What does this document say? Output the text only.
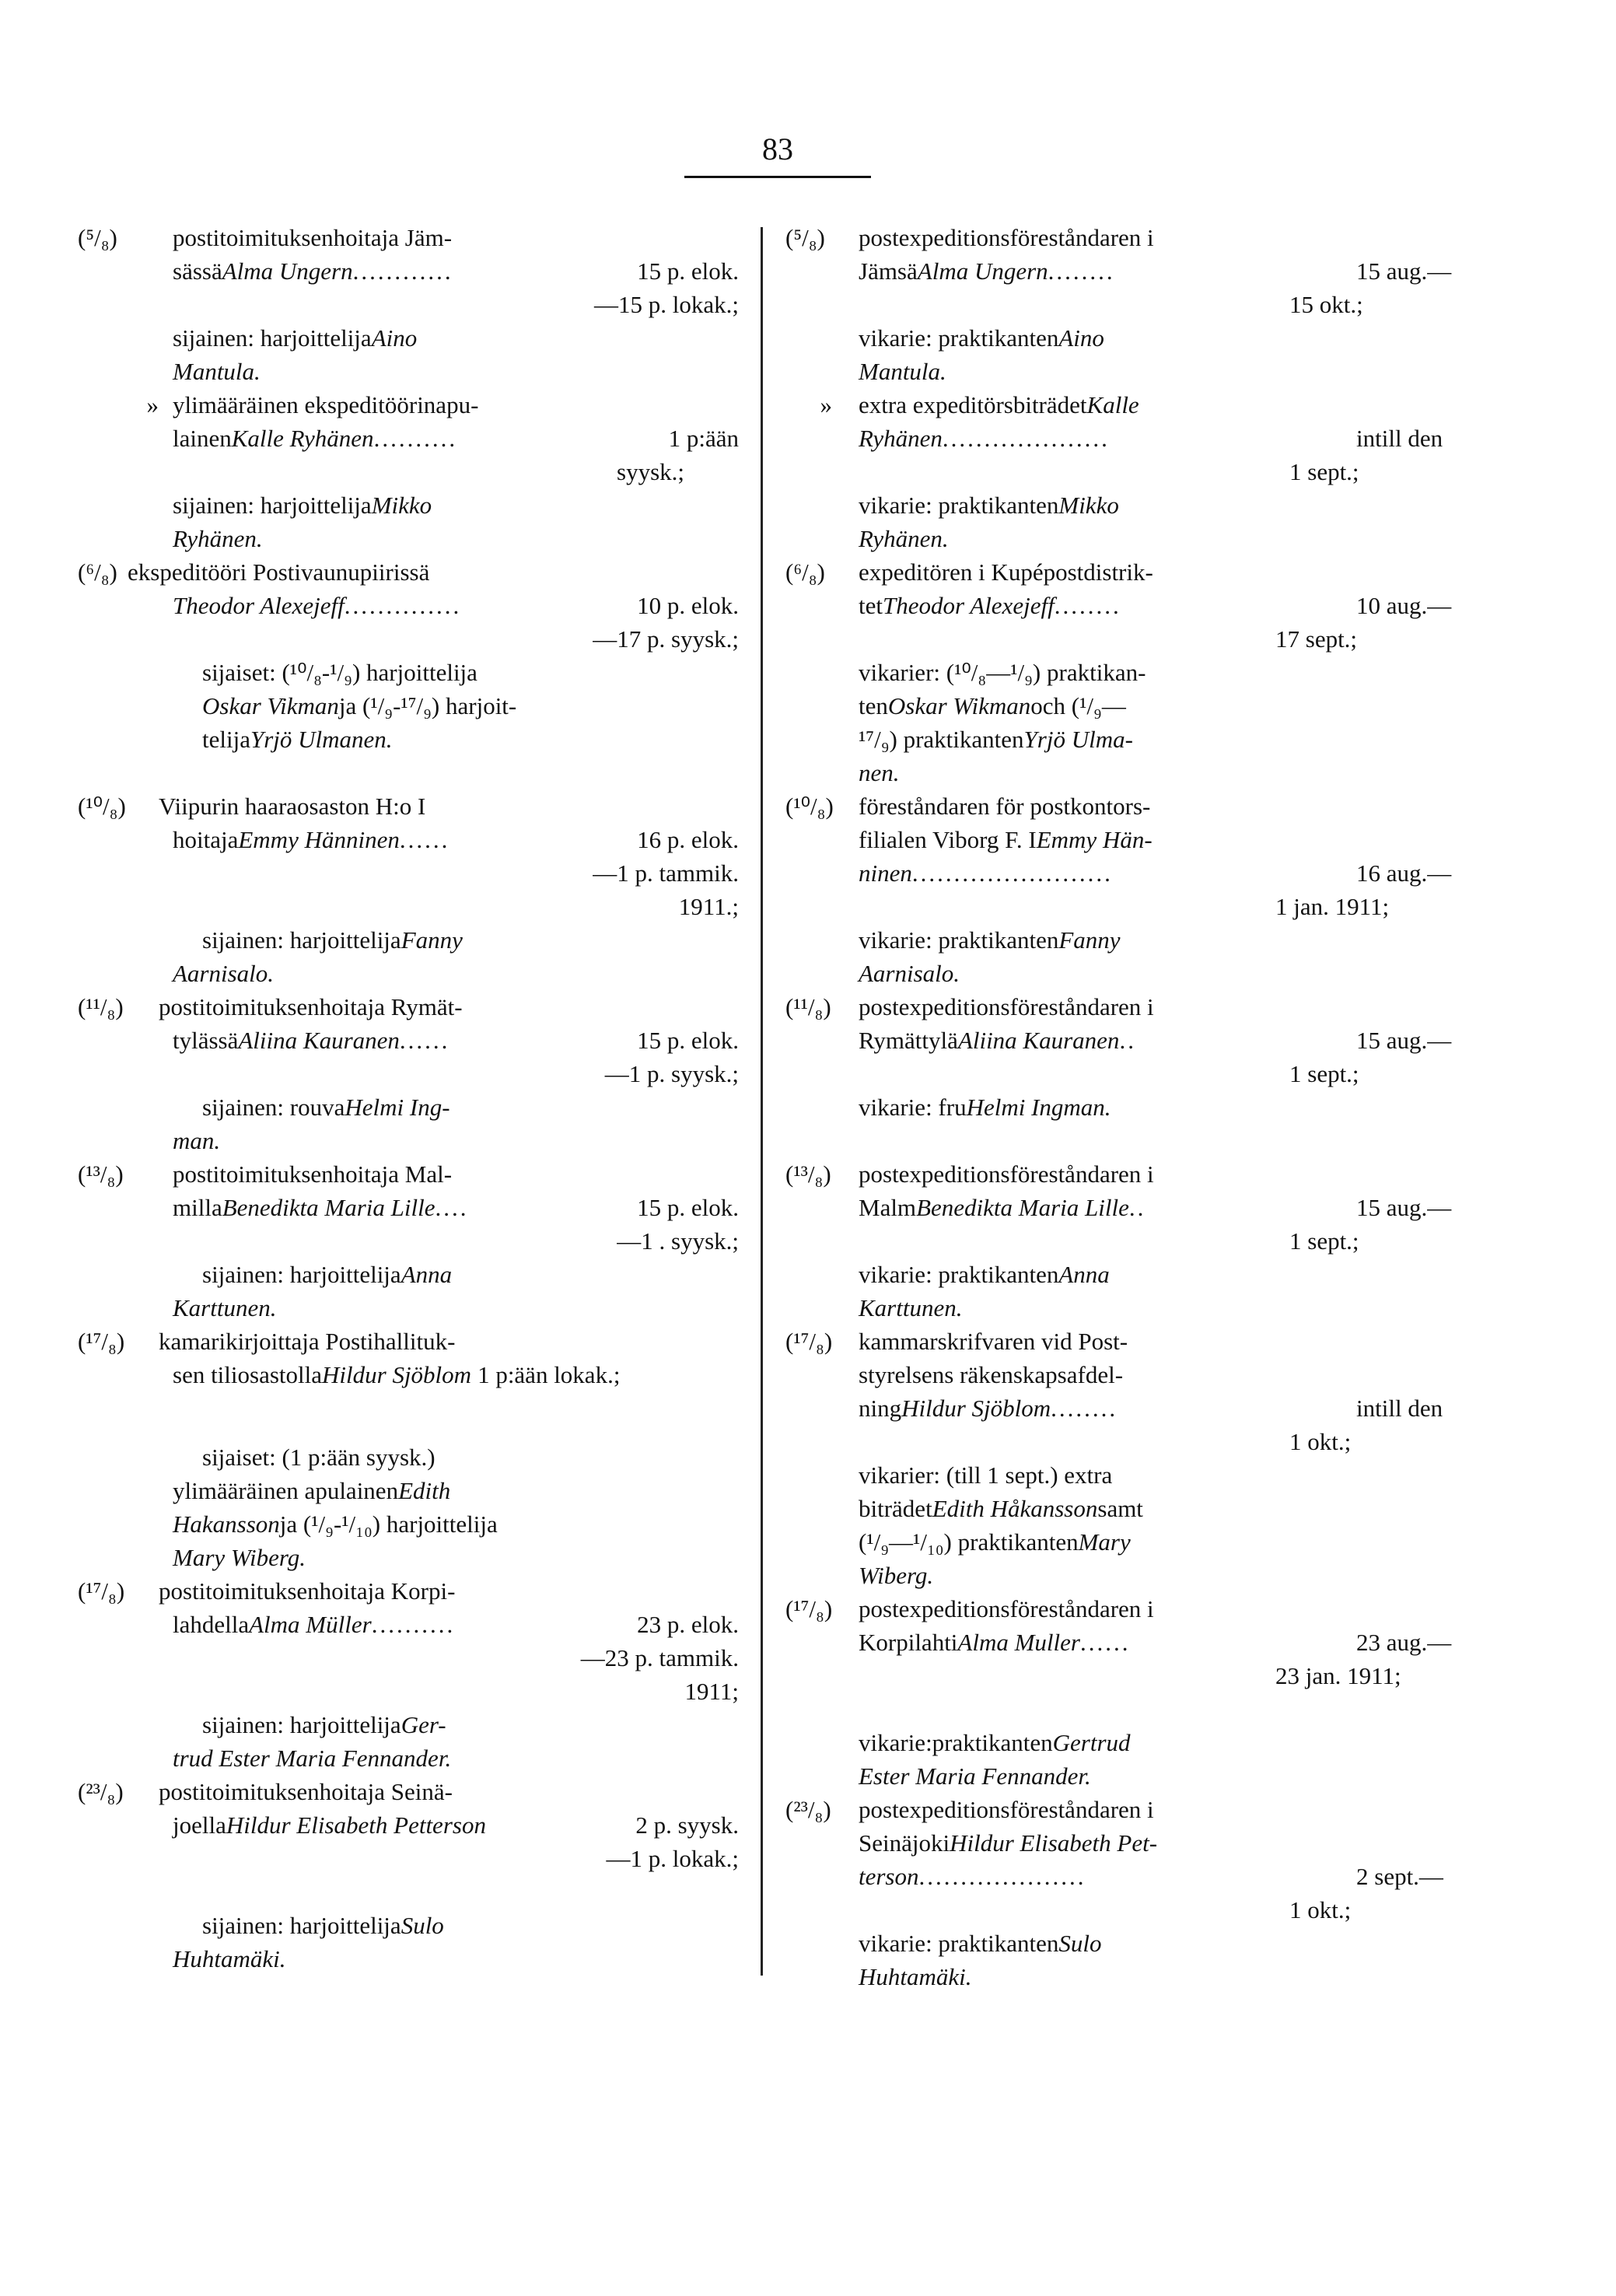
83
(⁵/₈)	postitoimituksenhoitaja Jäm-
sässä Alma Ungern ............	15 p. elok.
—15 p. lokak.;
sijainen: harjoittelija Aino
Mantula.
» ylimääräinen ekspeditöörinapu-
lainen Kalle Ryhänen ..........	1 p:ään
syysk.;
sijainen: harjoittelija Mikko
Ryhänen.
(⁶/₈) ekspeditööri Postivaunupiirissä
Theodor Alexejeff ..............	10 p. elok.
—17 p. syysk.;
sijaiset: (¹⁰/₈-¹/₉) harjoittelija
Oskar Vikman ja (¹/₉-¹⁷/₉) harjoit-
telija Yrjö Ulmanen.
(¹⁰/₈)	Viipurin haaraosaston H:o I
hoitaja Emmy Hänninen ......	16 p. elok.
—1 p. tammik.
1911.;
sijainen: harjoittelija Fanny
Aarnisalo.
(¹¹/₈)	postitoimituksenhoitaja Rymät-
tylässä Aliina Kauranen ......	15 p. elok.
—1 p. syysk.;
sijainen: rouva Helmi Ing-
man.
(¹³/₈)	postitoimituksenhoitaja Mal-
milla Benedikta Maria Lille ....	15 p. elok.
—1 . syysk.;
sijainen: harjoittelija Anna
Karttunen.
(¹⁷/₈)	kamarikirjoittaja Postihallituk-
sen tiliosastolla Hildur Sjöblom 1 p:ään lokak.;
sijaiset: (1 p:ään syysk.)
ylimääräinen apulainen Edith
Hakansson ja (¹/₉-¹/₁₀) harjoittelija
Mary Wiberg.
(¹⁷/₈)	postitoimituksenhoitaja Korpi-
lahdella Alma Müller ..........	23 p. elok.
—23 p. tammik.
1911;
sijainen: harjoittelija Ger-
trud Ester Maria Fennander.
(²³/₈)	postitoimituksenhoitaja Seinä-
joella Hildur Elisabeth Petterson	2 p. syysk.
—1 p. lokak.;
sijainen: harjoittelija Sulo
Huhtamäki.
(⁵/₈)	postexpeditionsföreståndaren i
Jämsä Alma Ungern ........	15 aug.—
15 okt.;
vikarie: praktikanten Aino
Mantula.
»	extra expeditörsbiträdet Kalle
Ryhänen ....................	intill den
1 sept.;
vikarie: praktikanten Mikko
Ryhänen.
(⁶/₈)	expeditören i Kupépostdistrik-
tet Theodor Alexejeff ........	10 aug.—
17 sept.;
vikarier: (¹⁰/₈—¹/₉) praktikan-
ten Oskar Wikman och (¹/₉—
¹⁷/₉) praktikanten Yrjö Ulma-
nen.
(¹⁰/₈)	föreståndaren för postkontors-
filialen Viborg F. I Emmy Hän-
ninen ........................	16 aug.—
1 jan. 1911;
vikarie: praktikanten Fanny
Aarnisalo.
(¹¹/₈)	postexpeditionsföreståndaren i
Rymättylä Aliina Kauranen ..	15 aug.—
1 sept.;
vikarie: fru Helmi Ingman.
(¹³/₈)	postexpeditionsföreståndaren i
Malm Benedikta Maria Lille ..	15 aug.—
1 sept.;
vikarie: praktikanten Anna
Karttunen.
(¹⁷/₈)	kammarskrifvaren vid Post-
styrelsens räkenskapsafdel-
ning Hildur Sjöblom ........	intill den
1 okt.;
vikarier: (till 1 sept.) extra
biträdet Edith Håkansson samt
(¹/₉—¹/₁₀) praktikanten Mary
Wiberg.
(¹⁷/₈)	postexpeditionsföreståndaren i
Korpilahti Alma Muller ......	23 aug.—
23 jan. 1911;
vikarie:praktikanten Gertrud
Ester Maria Fennander.
(²³/₈)	postexpeditionsföreståndaren i
Seinäjoki Hildur Elisabeth Pet-
terson ....................	2 sept.—
1 okt.;
vikarie: praktikanten Sulo
Huhtamäki.
